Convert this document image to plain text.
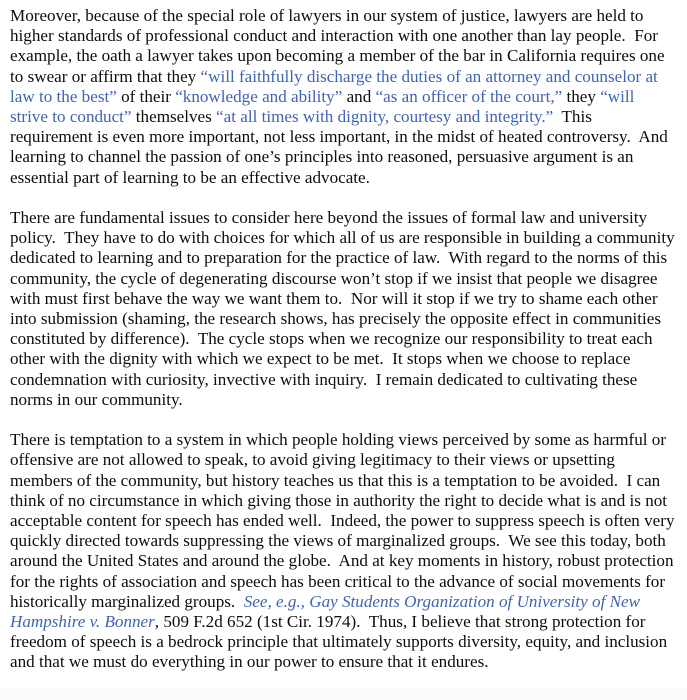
Moreover, because of the special role of lawyers in our system of justice, lawyers are held to higher standards of professional conduct and interaction with one another than lay people.  For example, the oath a lawyer takes upon becoming a member of the bar in California requires one to swear or affirm that they “will faithfully discharge the duties of an attorney and counselor at law to the best” of their “knowledge and ability” and “as an officer of the court,” they “will strive to conduct” themselves “at all times with dignity, courtesy and integrity.”  This requirement is even more important, not less important, in the midst of heated controversy.  And learning to channel the passion of one’s principles into reasoned, persuasive argument is an essential part of learning to be an effective advocate.

There are fundamental issues to consider here beyond the issues of formal law and university policy.  They have to do with choices for which all of us are responsible in building a community dedicated to learning and to preparation for the practice of law.  With regard to the norms of this community, the cycle of degenerating discourse won’t stop if we insist that people we disagree with must first behave the way we want them to.  Nor will it stop if we try to shame each other into submission (shaming, the research shows, has precisely the opposite effect in communities constituted by difference).  The cycle stops when we recognize our responsibility to treat each other with the dignity with which we expect to be met.  It stops when we choose to replace condemnation with curiosity, invective with inquiry.  I remain dedicated to cultivating these norms in our community.

There is temptation to a system in which people holding views perceived by some as harmful or offensive are not allowed to speak, to avoid giving legitimacy to their views or upsetting members of the community, but history teaches us that this is a temptation to be avoided.  I can think of no circumstance in which giving those in authority the right to decide what is and is not acceptable content for speech has ended well.  Indeed, the power to suppress speech is often very quickly directed towards suppressing the views of marginalized groups.  We see this today, both around the United States and around the globe.  And at key moments in history, robust protection for the rights of association and speech has been critical to the advance of social movements for historically marginalized groups.  See, e.g., Gay Students Organization of University of New Hampshire v. Bonner, 509 F.2d 652 (1st Cir. 1974).  Thus, I believe that strong protection for freedom of speech is a bedrock principle that ultimately supports diversity, equity, and inclusion and that we must do everything in our power to ensure that it endures.
